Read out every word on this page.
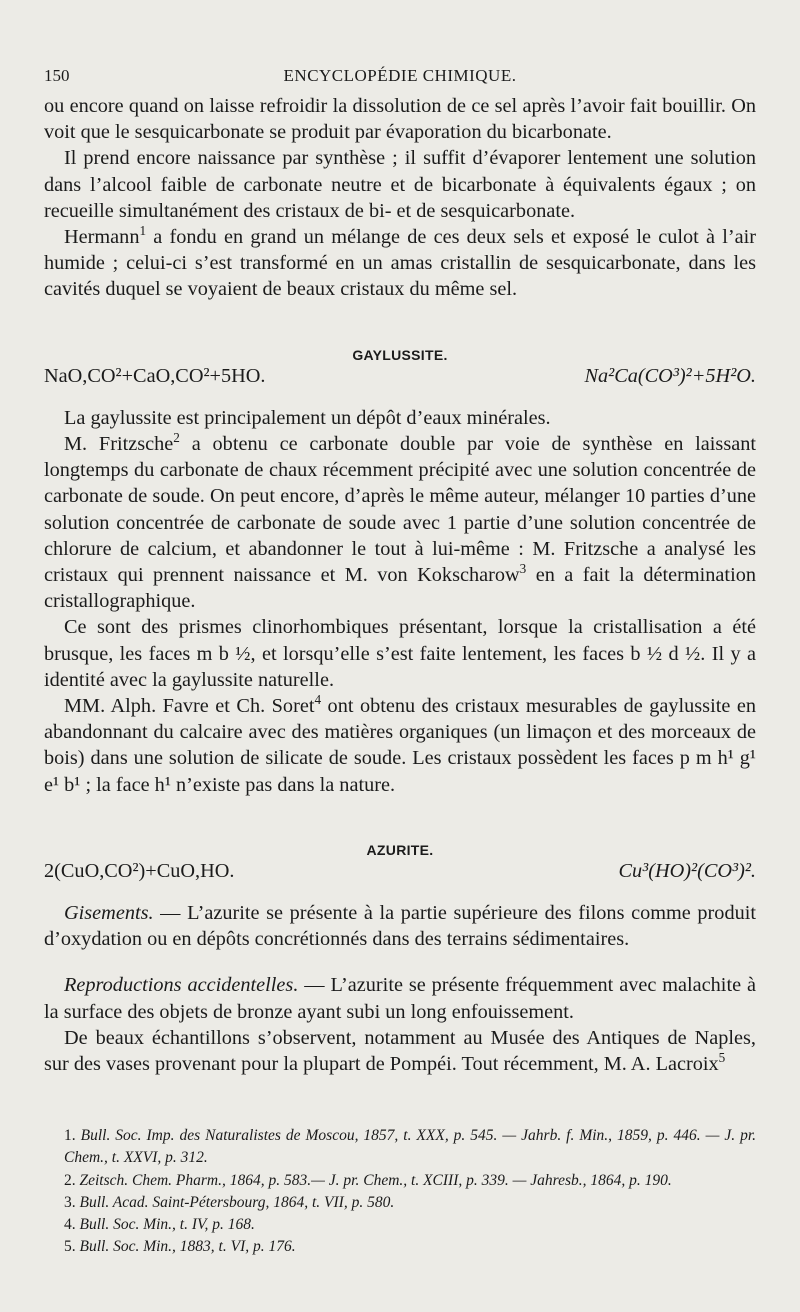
150	ENCYCLOPÉDIE CHIMIQUE.

ou encore quand on laisse refroidir la dissolution de ce sel après l’avoir fait bouillir. On voit que le sesquicarbonate se produit par évaporation du bicarbonate.

Il prend encore naissance par synthèse ; il suffit d’évaporer lentement une solution dans l’alcool faible de carbonate neutre et de bicarbonate à équivalents égaux ; on recueille simultanément des cristaux de bi- et de sesquicarbonate.

Hermann$^1$ a fondu en grand un mélange de ces deux sels et exposé le culot à l’air humide ; celui-ci s’est transformé en un amas cristallin de sesquicarbonate, dans les cavités duquel se voyaient de beaux cristaux du même sel.

GAYLUSSITE.
NaO,CO²+CaO,CO²+5HO.	Na²Ca(CO³)²+5H²O.

La gaylussite est principalement un dépôt d’eaux minérales.

M. Fritzsche$^2$ a obtenu ce carbonate double par voie de synthèse en laissant longtemps du carbonate de chaux récemment précipité avec une solution concentrée de carbonate de soude. On peut encore, d’après le même auteur, mélanger 10 parties d’une solution concentrée de carbonate de soude avec 1 partie d’une solution concentrée de chlorure de calcium, et abandonner le tout à lui-même : M. Fritzsche a analysé les cristaux qui prennent naissance et M. von Kokscharow$^3$ en a fait la détermination cristallographique.

Ce sont des prismes clinorhombiques présentant, lorsque la cristallisation a été brusque, les faces m b ½, et lorsqu’elle s’est faite lentement, les faces b ½ d ½. Il y a identité avec la gaylussite naturelle.

MM. Alph. Favre et Ch. Soret$^4$ ont obtenu des cristaux mesurables de gaylussite en abandonnant du calcaire avec des matières organiques (un limaçon et des morceaux de bois) dans une solution de silicate de soude. Les cristaux possèdent les faces p m h¹ g¹ e¹ b¹ ; la face h¹ n’existe pas dans la nature.

AZURITE.
2(CuO,CO²)+CuO,HO.	Cu³(HO)²(CO³)².

Gisements. — L’azurite se présente à la partie supérieure des filons comme produit d’oxydation ou en dépôts concrétionnés dans des terrains sédimentaires.

Reproductions accidentelles. — L’azurite se présente fréquemment avec malachite à la surface des objets de bronze ayant subi un long enfouissement.

De beaux échantillons s’observent, notamment au Musée des Antiques de Naples, sur des vases provenant pour la plupart de Pompéi. Tout récemment, M. A. Lacroix$^5$

1. Bull. Soc. Imp. des Naturalistes de Moscou, 1857, t. XXX, p. 545. — Jahrb. f. Min., 1859, p. 446. — J. pr. Chem., t. XXVI, p. 312.

2. Zeitsch. Chem. Pharm., 1864, p. 583.— J. pr. Chem., t. XCIII, p. 339. — Jahresb., 1864, p. 190.

3. Bull. Acad. Saint-Pétersbourg, 1864, t. VII, p. 580.

4. Bull. Soc. Min., t. IV, p. 168.

5. Bull. Soc. Min., 1883, t. VI, p. 176.
